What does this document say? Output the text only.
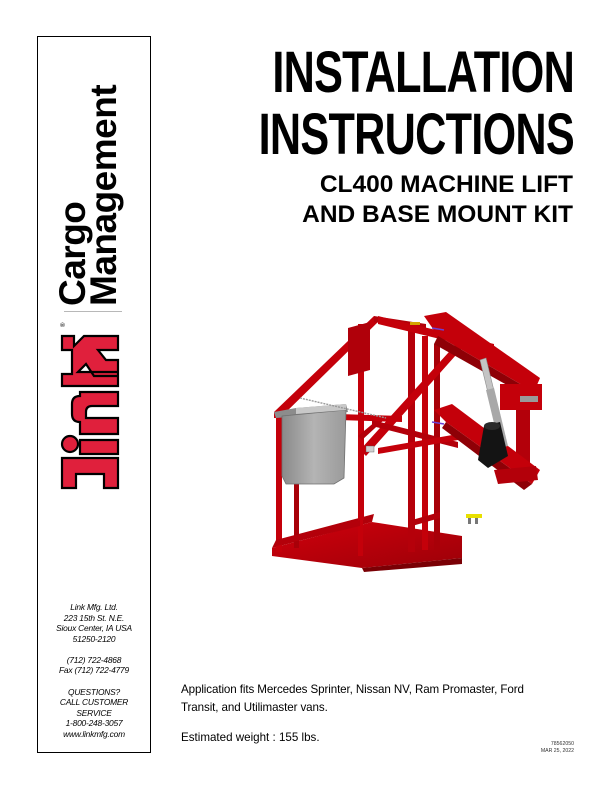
Cargo
Management
®
Link Mfg. Ltd.
223 15th St. N.E.
Sioux Center, IA USA
51250-2120
(712) 722-4868
Fax (712) 722-4779
QUESTIONS?
CALL CUSTOMER
SERVICE
1-800-248-3057
www.linkmfg.com
INSTALLATION
INSTRUCTIONS
CL400 MACHINE LIFT
AND BASE MOUNT KIT
Application fits Mercedes Sprinter, Nissan NV, Ram Promaster, Ford Transit, and Utilimaster vans.
Estimated weight : 155 lbs.	78562050
MAR 25, 2022
